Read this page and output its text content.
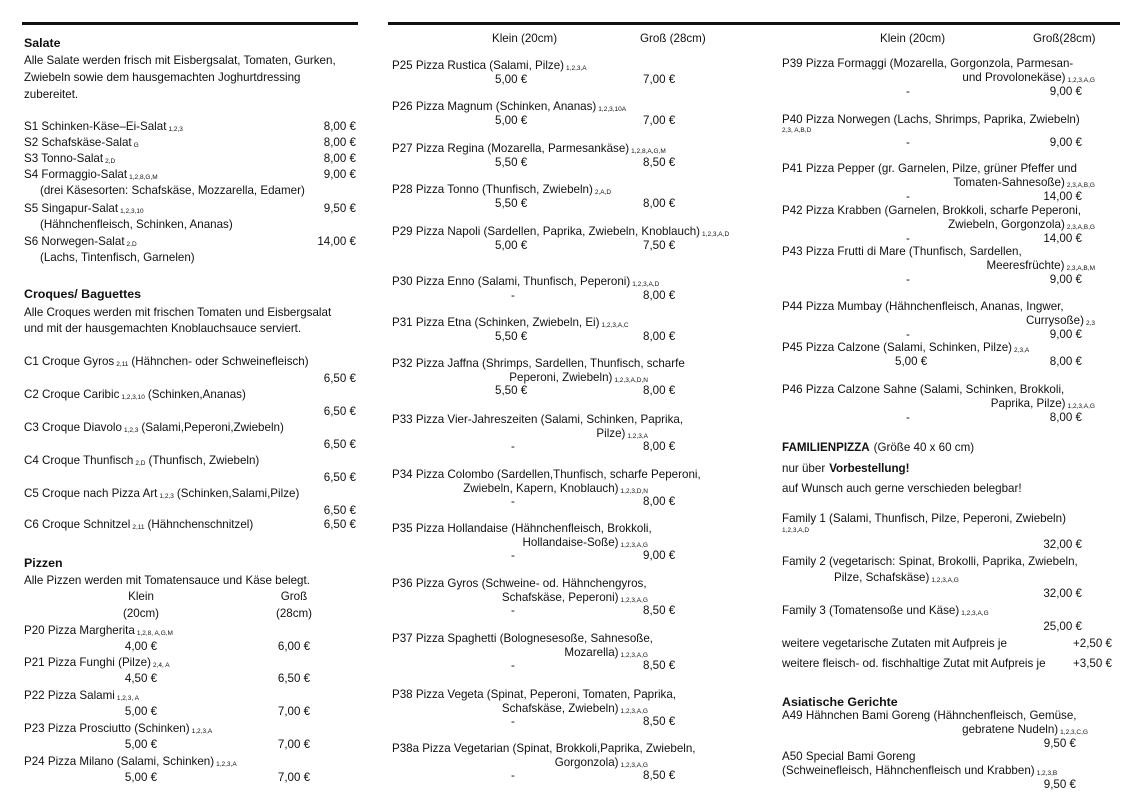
Salate
Alle Salate werden frisch mit Eisbergsalat, Tomaten, Gurken,
Zwiebeln sowie dem hausgemachten Joghurtdressing
zubereitet.
S1 Schinken-Käse–Ei-Salat 1,2,3	8,00 €
S2 Schafskäse-Salat G	8,00 €
S3 Tonno-Salat 2,D	8,00 €
S4 Formaggio-Salat 1,2,8,G,M	9,00 €
(drei Käsesorten: Schafskäse, Mozzarella, Edamer)
S5 Singapur-Salat 1,2,3,10	9,50 €
(Hähnchenfleisch, Schinken, Ananas)
S6 Norwegen-Salat 2,D	14,00 €
(Lachs, Tintenfisch, Garnelen)
Croques/ Baguettes
Alle Croques werden mit frischen Tomaten und Eisbergsalat
und mit der hausgemachten Knoblauchsauce serviert.
C1 Croque Gyros 2,11 (Hähnchen- oder Schweinefleisch)
6,50 €
C2 Croque Caribic 1,2,3,10 (Schinken,Ananas)
6,50 €
C3 Croque Diavolo 1,2,3 (Salami,Peperoni,Zwiebeln)
6,50 €
C4 Croque Thunfisch 2,D (Thunfisch, Zwiebeln)
6,50 €
C5 Croque nach Pizza Art 1,2,3 (Schinken,Salami,Pilze)
6,50 €
C6 Croque Schnitzel 2,11 (Hähnchenschnitzel)	6,50 €
Pizzen
Alle Pizzen werden mit Tomatensauce und Käse belegt.
Klein	Groß
(20cm)	(28cm)
P20 Pizza Margherita 1,2,8, A,G,M
4,00 €	6,00 €
P21 Pizza Funghi (Pilze) 2,4, A
4,50 €	6,50 €
P22 Pizza Salami 1,2,3, A
5,00 €	7,00 €
P23 Pizza Prosciutto (Schinken) 1,2,3,A
5,00 €	7,00 €
P24 Pizza Milano (Salami, Schinken) 1,2,3,A
5,00 €	7,00 €
Klein (20cm)	Groß (28cm)
P25 Pizza Rustica (Salami, Pilze) 1,2,3,A
5,00 €	7,00 €
P26 Pizza Magnum (Schinken, Ananas) 1,2,3,10A
5,00 €	7,00 €
P27 Pizza Regina (Mozarella, Parmesankäse) 1,2,8,A,G,M
5,50 €	8,50 €
P28 Pizza Tonno (Thunfisch, Zwiebeln) 2,A,D
5,50 €	8,00 €
P29 Pizza Napoli (Sardellen, Paprika, Zwiebeln, Knoblauch) 1,2,3,A,D
5,00 €	7,50 €
P30 Pizza Enno (Salami, Thunfisch, Peperoni) 1,2,3,A,D
-	8,00 €
P31 Pizza Etna (Schinken, Zwiebeln, Ei) 1,2,3,A,C
5,50 €	8,00 €
P32 Pizza Jaffna (Shrimps, Sardellen, Thunfisch, scharfe
Peperoni, Zwiebeln) 1,2,3,A,D,N
5,50 €	8,00 €
P33 Pizza Vier-Jahreszeiten (Salami, Schinken, Paprika,
Pilze) 1,2,3,A
-	8,00 €
P34 Pizza Colombo (Sardellen,Thunfisch, scharfe Peperoni,
Zwiebeln, Kapern, Knoblauch) 1,2,3,D,N
-	8,00 €
P35 Pizza Hollandaise (Hähnchenfleisch, Brokkoli,
Hollandaise-Soße) 1,2,3,A,G
-	9,00 €
P36 Pizza Gyros (Schweine- od. Hähnchengyros,
Schafskäse, Peperoni) 1,2,3,A,G
-	8,50 €
P37 Pizza Spaghetti (Bolognesesoße, Sahnesoße,
Mozarella) 1,2,3,A,G
-	8,50 €
P38 Pizza Vegeta (Spinat, Peperoni, Tomaten, Paprika,
Schafskäse, Zwiebeln) 1,2,3,A,G
-	8,50 €
P38a Pizza Vegetarian (Spinat, Brokkoli,Paprika, Zwiebeln,
Gorgonzola) 1,2,3,A,G
-	8,50 €
Klein (20cm)	Groß(28cm)
P39 Pizza Formaggi (Mozarella, Gorgonzola, Parmesan-
und Provolonekäse) 1,2,3,A,G
-	9,00 €
P40 Pizza Norwegen (Lachs, Shrimps, Paprika, Zwiebeln)
2,3, A,B,D
-	9,00 €
P41 Pizza Pepper (gr. Garnelen, Pilze, grüner Pfeffer und
Tomaten-Sahnesoße) 2,3,A,B,G
-	14,00 €
P42 Pizza Krabben (Garnelen, Brokkoli, scharfe Peperoni,
Zwiebeln, Gorgonzola) 2,3,A,B,G
-	14,00 €
P43 Pizza Frutti di Mare (Thunfisch, Sardellen,
Meeresfrüchte) 2,3,A,B,M
-	9,00 €
P44 Pizza Mumbay (Hähnchenfleisch, Ananas, Ingwer,
Currysoße) 2,3
-	9,00 €
P45 Pizza Calzone (Salami, Schinken, Pilze) 2,3,A
5,00 €	8,00 €
P46 Pizza Calzone Sahne (Salami, Schinken, Brokkoli,
Paprika, Pilze) 1,2,3,A,G
-	8,00 €
FAMILIENPIZZA (Größe 40 x 60 cm)
nur über Vorbestellung!
auf Wunsch auch gerne verschieden belegbar!
Family 1 (Salami, Thunfisch, Pilze, Peperoni, Zwiebeln)
1,2,3,A,D
32,00 €
Family 2 (vegetarisch: Spinat, Brokolli, Paprika, Zwiebeln,
Pilze, Schafskäse) 1,2,3,A,G
32,00 €
Family 3 (Tomatensoße und Käse) 1,2,3,A,G
25,00 €
weitere vegetarische Zutaten mit Aufpreis je	+2,50 €
weitere fleisch- od. fischhaltige Zutat mit Aufpreis je +3,50 €
Asiatische Gerichte
A49 Hähnchen Bami Goreng (Hähnchenfleisch, Gemüse,
gebratene Nudeln) 1,2,3,C,G
9,50 €
A50 Special Bami Goreng
(Schweinefleisch, Hähnchenfleisch und Krabben) 1,2,3,B
9,50 €
